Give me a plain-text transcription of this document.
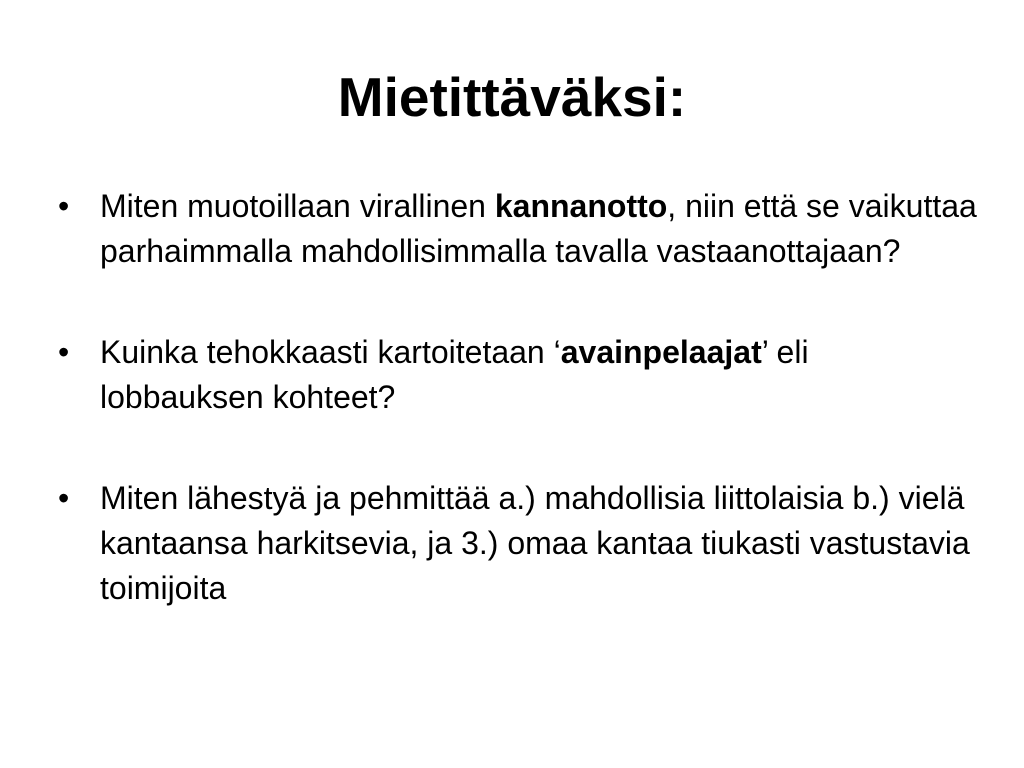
Mietittäväksi:
• Miten muotoillaan virallinen kannanotto, niin että se vaikuttaa parhaimmalla mahdollisimmalla tavalla vastaanottajaan?
• Kuinka tehokkaasti kartoitetaan ‘avainpelaajat’ eli lobbauksen kohteet?
• Miten lähestyä ja pehmittää a.) mahdollisia liittolaisia b.) vielä kantaansa harkitsevia, ja 3.) omaa kantaa tiukasti vastustavia toimijoita
